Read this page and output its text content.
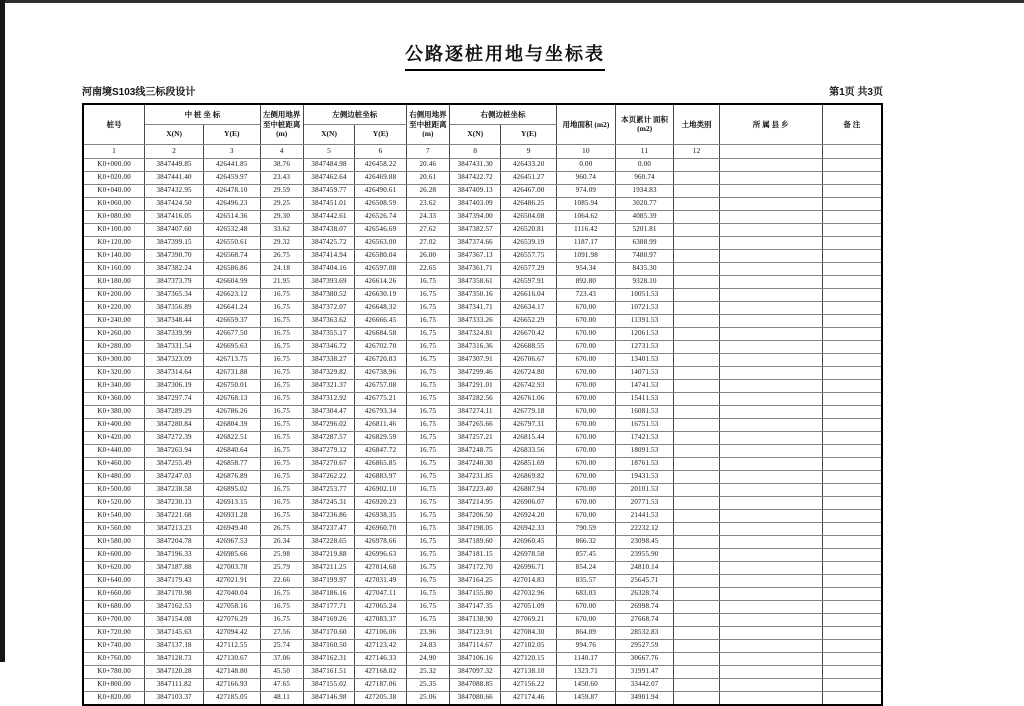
公路逐桩用地与坐标表
河南境S103线三标段设计	第1页 共3页
桩号	中 桩 坐 标		左侧用地界至中桩距离(m)	左侧边桩坐标		右侧用地界至中桩距离(m)	右侧边桩坐标		用地面积 (m2)	本页累计 面积(m2)	土地类别	所 属 县 乡	备 注
	X(N)	Y(E)		X(N)	Y(E)		X(N)	Y(E)					
1	2	3	4	5	6	7	8	9	10	11	12		
K0+000.00	3847449.85	426441.85	38.76	3847484.98	426458.22	20.46	3847431.30	426433.20	0.00	0.00			
K0+020.00	3847441.40	426459.97	23.43	3847462.64	426469.88	20.61	3847422.72	426451.27	960.74	960.74			
K0+040.00	3847432.95	426478.10	29.59	3847459.77	426490.61	26.28	3847409.13	426467.00	974.09	1934.83			
K0+060.00	3847424.50	426496.23	29.25	3847451.01	426508.59	23.62	3847403.09	426486.25	1085.94	3020.77			
K0+080.00	3847416.05	426514.36	29.30	3847442.61	426526.74	24.33	3847394.00	426504.08	1064.62	4085.39			
K0+100.00	3847407.60	426532.48	33.62	3847438.07	426546.69	27.62	3847382.57	426520.81	1116.42	5201.81			
K0+120.00	3847399.15	426550.61	29.32	3847425.72	426563.00	27.02	3847374.66	426539.19	1187.17	6388.99			
K0+140.00	3847390.70	426568.74	26.75	3847414.94	426580.04	26.00	3847367.13	426557.75	1091.98	7480.97			
K0+160.00	3847382.24	426586.86	24.18	3847404.16	426597.08	22.65	3847361.71	426577.29	954.34	8435.30			
K0+180.00	3847373.79	426604.99	21.95	3847393.69	426614.26	16.75	3847358.61	426597.91	892.80	9328.10			
K0+200.00	3847365.34	426623.12	16.75	3847380.52	426630.19	16.75	3847350.16	426616.04	723.43	10051.53			
K0+220.00	3847356.89	426641.24	16.75	3847372.07	426648.32	16.75	3847341.71	426634.17	670.00	10721.53			
K0+240.00	3847348.44	426659.37	16.75	3847363.62	426666.45	16.75	3847333.26	426652.29	670.00	11391.53			
K0+260.00	3847339.99	426677.50	16.75	3847355.17	426684.58	16.75	3847324.81	426670.42	670.00	12061.53			
K0+280.00	3847331.54	426695.63	16.75	3847346.72	426702.70	16.75	3847316.36	426688.55	670.00	12731.53			
K0+300.00	3847323.09	426713.75	16.75	3847338.27	426720.83	16.75	3847307.91	426706.67	670.00	13401.53			
K0+320.00	3847314.64	426731.88	16.75	3847329.82	426738.96	16.75	3847299.46	426724.80	670.00	14071.53			
K0+340.00	3847306.19	426750.01	16.75	3847321.37	426757.08	16.75	3847291.01	426742.93	670.00	14741.53			
K0+360.00	3847297.74	426768.13	16.75	3847312.92	426775.21	16.75	3847282.56	426761.06	670.00	15411.53			
K0+380.00	3847289.29	426786.26	16.75	3847304.47	426793.34	16.75	3847274.11	426779.18	670.00	16081.53			
K0+400.00	3847280.84	426804.39	16.75	3847296.02	426811.46	16.75	3847265.66	426797.31	670.00	16751.53			
K0+420.00	3847272.39	426822.51	16.75	3847287.57	426829.59	16.75	3847257.21	426815.44	670.00	17421.53			
K0+440.00	3847263.94	426840.64	16.75	3847279.12	426847.72	16.75	3847248.75	426833.56	670.00	18091.53			
K0+460.00	3847255.49	426858.77	16.75	3847270.67	426865.85	16.75	3847240.30	426851.69	670.00	18761.53			
K0+480.00	3847247.03	426876.89	16.75	3847262.22	426883.97	16.75	3847231.85	426869.82	670.00	19431.53			
K0+500.00	3847238.58	426895.02	16.75	3847253.77	426902.10	16.75	3847223.40	426887.94	670.00	20101.53			
K0+520.00	3847230.13	426913.15	16.75	3847245.31	426920.23	16.75	3847214.95	426906.07	670.00	20771.53			
K0+540.00	3847221.68	426931.28	16.75	3847236.86	426938.35	16.75	3847206.50	426924.20	670.00	21441.53			
K0+560.00	3847213.23	426949.40	26.75	3847237.47	426960.70	16.75	3847198.05	426942.33	790.59	22232.12			
K0+580.00	3847204.78	426967.53	26.34	3847228.65	426978.66	16.75	3847189.60	426960.45	866.32	23098.45			
K0+600.00	3847196.33	426985.66	25.98	3847219.88	426996.63	16.75	3847181.15	426978.58	857.45	23955.90			
K0+620.00	3847187.88	427003.78	25.79	3847211.25	427014.68	16.75	3847172.70	426996.71	854.24	24810.14			
K0+640.00	3847179.43	427021.91	22.66	3847199.97	427031.49	16.75	3847164.25	427014.83	835.57	25645.71			
K0+660.00	3847170.98	427040.04	16.75	3847186.16	427047.11	16.75	3847155.80	427032.96	683.03	26328.74			
K0+680.00	3847162.53	427058.16	16.75	3847177.71	427065.24	16.75	3847147.35	427051.09	670.00	26998.74			
K0+700.00	3847154.08	427076.29	16.75	3847169.26	427083.37	16.75	3847138.90	427069.21	670.00	27668.74			
K0+720.00	3847145.63	427094.42	27.56	3847170.60	427106.06	23.96	3847123.91	427084.30	864.09	28532.83			
K0+740.00	3847137.18	427112.55	25.74	3847160.50	427123.42	24.83	3847114.67	427102.05	994.76	29527.59			
K0+760.00	3847128.73	427130.67	37.06	3847162.31	427146.33	24.90	3847106.16	427120.15	1140.17	30667.76			
K0+780.00	3847120.28	427148.80	45.50	3847161.51	427168.02	25.32	3847097.32	427138.10	1323.71	31991.47			
K0+800.00	3847111.82	427166.93	47.65	3847155.02	427187.06	25.35	3847088.85	427156.22	1450.60	33442.07			
K0+820.00	3847103.37	427185.05	48.11	3847146.98	427205.38	25.06	3847080.66	427174.46	1459.87	34901.94			
